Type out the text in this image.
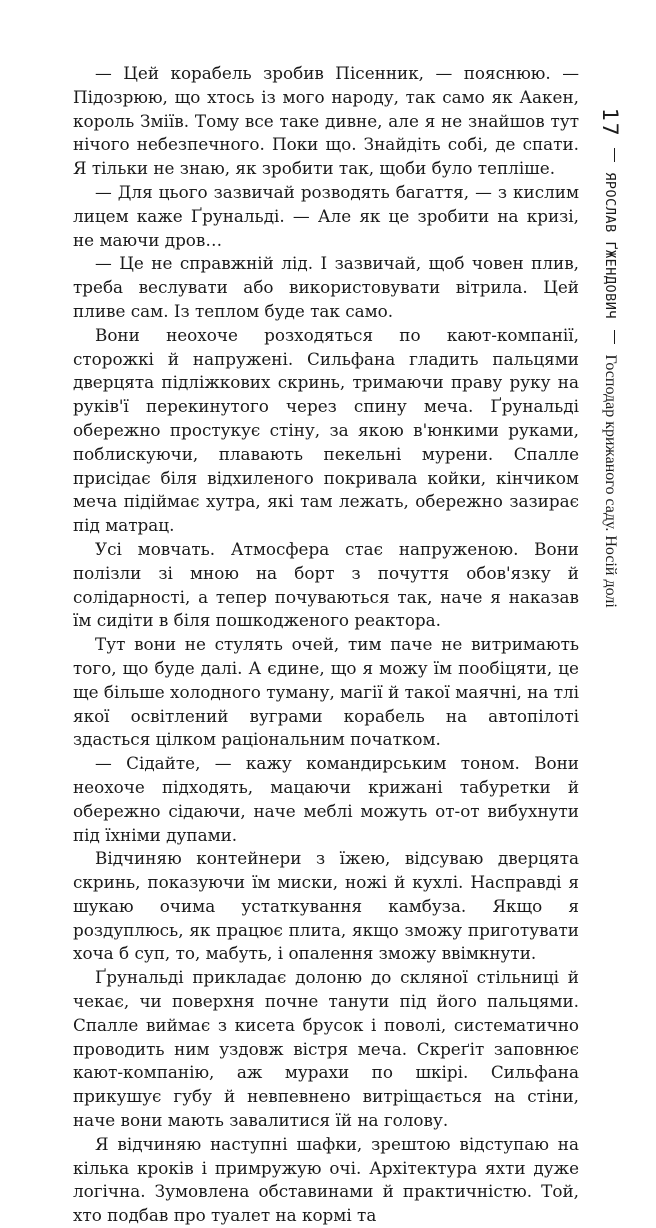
17  ЯРОСЛАВ ҐЖЕНДОВИЧ  Господар крижаного саду. Носій долі

— Цей корабель зробив Пісенник, — пояснюю. — Підозрюю, що хтось із мого народу, так само як Аакен, король Зміїв. Тому все таке дивне, але я не знайшов тут нічого небезпечного. Поки що. Знайдіть собі, де спати. Я тільки не знаю, як зробити так, щоби було тепліше.

— Для цього зазвичай розводять багаття, — з кислим лицем каже Ґрунальді. — Але як це зробити на кризі, не маючи дров…

— Це не справжній лід. І зазвичай, щоб човен плив, треба веслувати або використовувати вітрила. Цей пливе сам. Із теплом буде так само.

Вони неохоче розходяться по кают-компанії, сторожкі й напружені. Сильфана гладить пальцями дверцята підліжкових скринь, тримаючи праву руку на руків'ї перекинутого через спину меча. Ґрунальді обережно простукує стіну, за якою в'юнкими руками, поблискуючи, плавають пекельні мурени. Спалле присідає біля відхиленого покривала койки, кінчиком меча підіймає хутра, які там лежать, обережно зазирає під матрац.

Усі мовчать. Атмосфера стає напруженою. Вони полізли зі мною на борт з почуття обов'язку й солідарності, а тепер почуваються так, наче я наказав їм сидіти в біля пошкодженого реактора.

Тут вони не стулять очей, тим паче не витримають того, що буде далі. А єдине, що я можу їм пообіцяти, це ще більше холодного туману, магії й такої маячні, на тлі якої освітлений вуграми корабель на автопілоті здасться цілком раціональним початком.

— Сідайте, — кажу командирським тоном. Вони неохоче підходять, мацаючи крижані табуретки й обережно сідаючи, наче меблі можуть от-от вибухнути під їхніми дупами.

Відчиняю контейнери з їжею, відсуваю дверцята скринь, показуючи їм миски, ножі й кухлі. Насправді я шукаю очима устаткування камбуза. Якщо я роздуплюсь, як працює плита, якщо зможу приготувати хоча б суп, то, мабуть, і опалення зможу ввімкнути.

Ґрунальді прикладає долоню до скляної стільниці й чекає, чи поверхня почне танути під його пальцями. Спалле виймає з кисета брусок і поволі, систематично проводить ним уздовж вістря меча. Скреґіт заповнює кают-компанію, аж мурахи по шкірі. Сильфана прикушує губу й невпевнено витріщається на стіни, наче вони мають завалитися їй на голову.

Я відчиняю наступні шафки, зрештою відступаю на кілька кроків і примружую очі. Архітектура яхти дуже логічна. Зумовлена обставинами й практичністю. Той, хто подбав про туалет на кормі та
